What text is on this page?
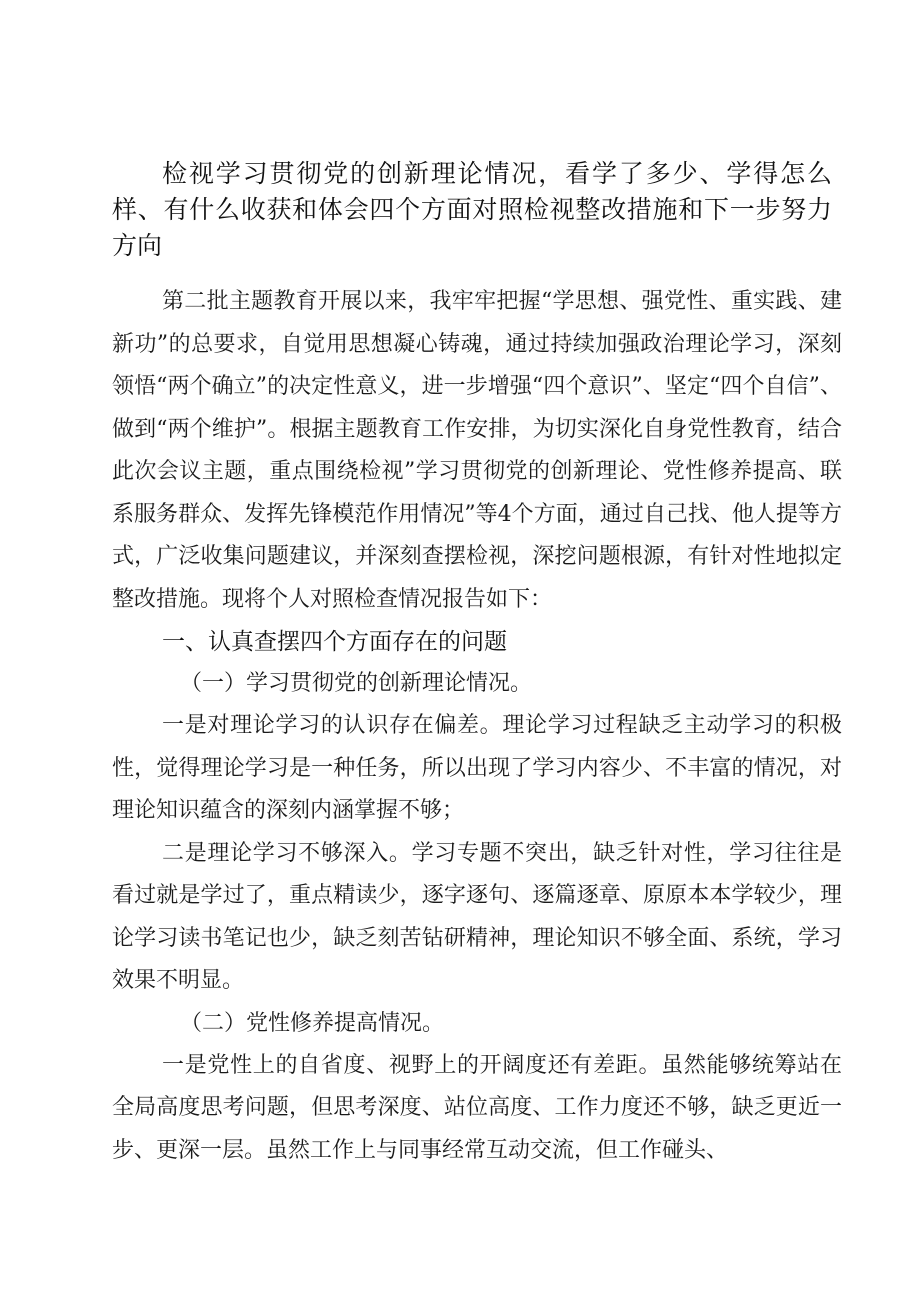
检视学习贯彻党的创新理论情况，看学了多少、学得怎么样、有什么收获和体会四个方面对照检视整改措施和下一步努力方向

第二批主题教育开展以来，我牢牢把握“学思想、强党性、重实践、建新功”的总要求，自觉用思想凝心铸魂，通过持续加强政治理论学习，深刻领悟“两个确立”的决定性意义，进一步增强“四个意识”、坚定“四个自信”、做到“两个维护”。根据主题教育工作安排，为切实深化自身党性教育，结合此次会议主题，重点围绕检视”学习贯彻党的创新理论、党性修养提高、联系服务群众、发挥先锋模范作用情况”等4个方面，通过自己找、他人提等方式，广泛收集问题建议，并深刻查摆检视，深挖问题根源，有针对性地拟定整改措施。现将个人对照检查情况报告如下：

一、认真查摆四个方面存在的问题

（一）学习贯彻党的创新理论情况。

一是对理论学习的认识存在偏差。理论学习过程缺乏主动学习的积极性，觉得理论学习是一种任务，所以出现了学习内容少、不丰富的情况，对理论知识蕴含的深刻内涵掌握不够；

二是理论学习不够深入。学习专题不突出，缺乏针对性，学习往往是看过就是学过了，重点精读少，逐字逐句、逐篇逐章、原原本本学较少，理论学习读书笔记也少，缺乏刻苦钻研精神，理论知识不够全面、系统，学习效果不明显。

（二）党性修养提高情况。

一是党性上的自省度、视野上的开阔度还有差距。虽然能够统筹站在全局高度思考问题，但思考深度、站位高度、工作力度还不够，缺乏更近一步、更深一层。虽然工作上与同事经常互动交流，但工作碰头、
